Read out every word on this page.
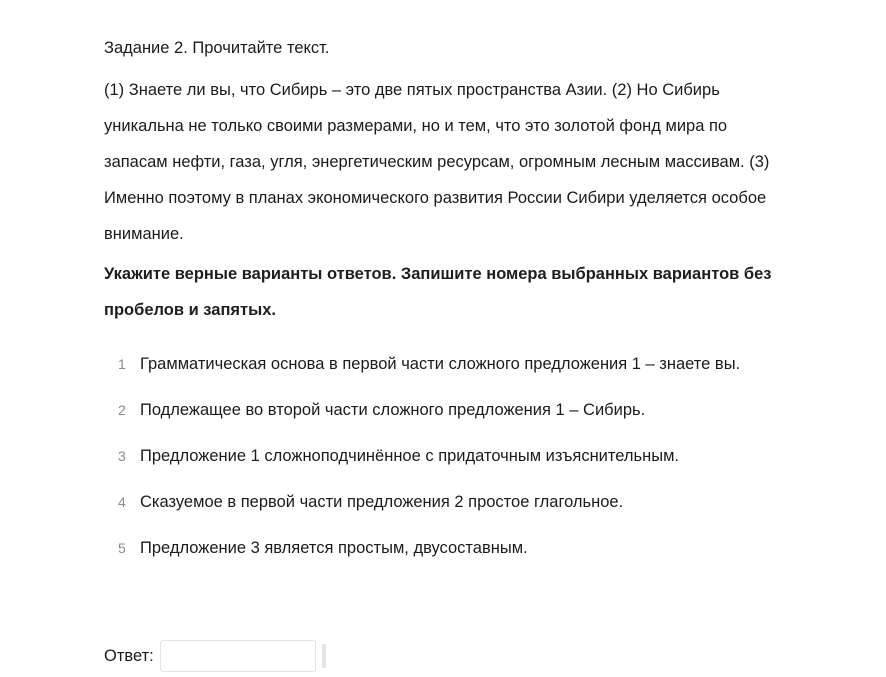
Задание 2. Прочитайте текст.

(1) Знаете ли вы, что Сибирь – это две пятых пространства Азии. (2) Но Сибирь уникальна не только своими размерами, но и тем, что это золотой фонд мира по запасам нефти, газа, угля, энергетическим ресурсам, огромным лесным массивам. (3) Именно поэтому в планах экономического развития России Сибири уделяется особое внимание.

Укажите верные варианты ответов. Запишите номера выбранных вариантов без пробелов и запятых.

1 Грамматическая основа в первой части сложного предложения 1 – знаете вы.
2 Подлежащее во второй части сложного предложения 1 – Сибирь.
3 Предложение 1 сложноподчинённое с придаточным изъяснительным.
4 Сказуемое в первой части предложения 2 простое глагольное.
5 Предложение 3 является простым, двусоставным.
Ответ:
